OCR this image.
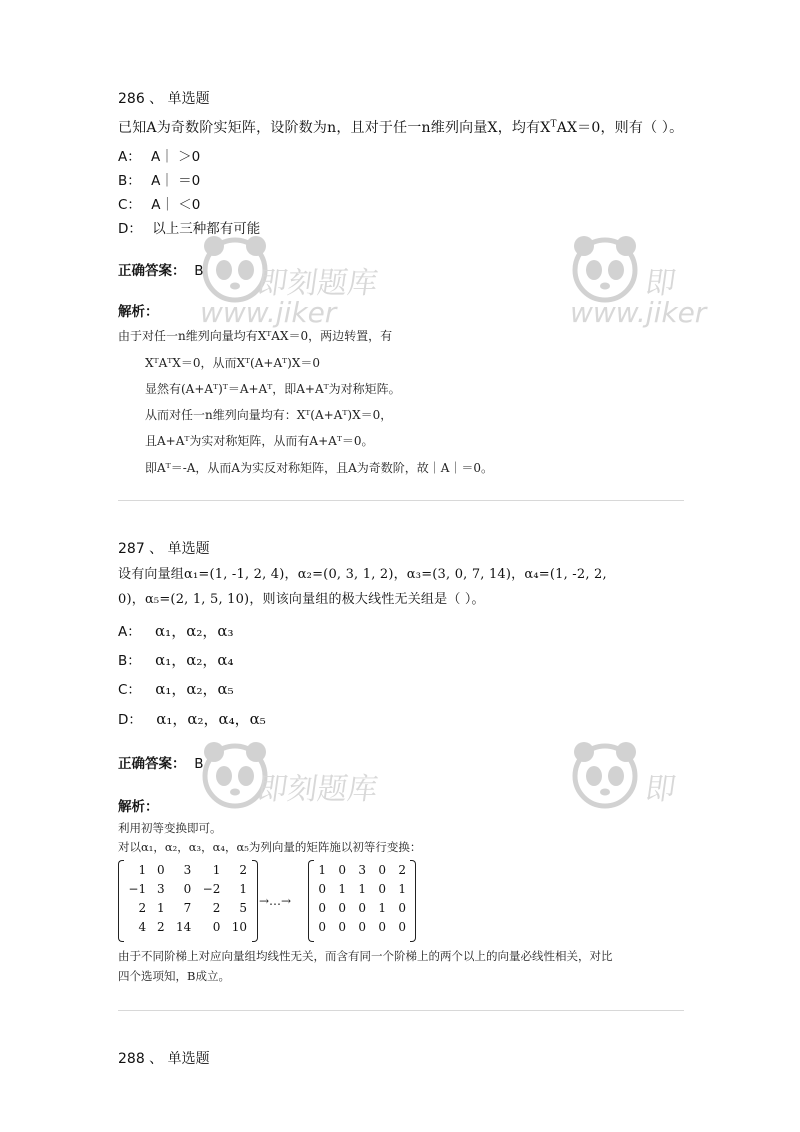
即刻题库
www.jiker
即
www.jiker
即刻题库	即
286 、 单选题
已知A为奇数阶实矩阵，设阶数为n，且对于任一n维列向量X，均有$X^TAX=0$，则有（ ）。
A： A｜ ＞0
B： A｜ ＝0
C： A｜ ＜0
D： 以上三种都有可能
正确答案： B
解析：
由于对任一n维列向量均有XᵀAX＝0，两边转置，有
XᵀAᵀX＝0，从而Xᵀ(A+Aᵀ)X＝0
显然有(A+Aᵀ)ᵀ＝A+Aᵀ，即A+Aᵀ为对称矩阵。
从而对任一n维列向量均有：Xᵀ(A+Aᵀ)X＝0，
且A+Aᵀ为实对称矩阵，从而有A+Aᵀ＝0。
即Aᵀ＝-A，从而A为实反对称矩阵，且A为奇数阶，故｜A｜＝0。
287 、 单选题
设有向量组α₁=(1, -1, 2, 4)，α₂=(0, 3, 1, 2)，α₃=(3, 0, 7, 14)，α₄=(1, -2, 2,
0)，α₅=(2, 1, 5, 10)，则该向量组的极大线性无关组是（ ）。
A： α₁，α₂，α₃
B： α₁，α₂，α₄
C： α₁，α₂，α₅
D： α₁，α₂，α₄，α₅
正确答案： B
解析：
利用初等变换即可。
对以α₁，α₂，α₃，α₄，α₅为列向量的矩阵施以初等行变换：
1	0	3	1	2
−1	3	0	−2	1
2	1	7	2	5
4	2	14	0	10
→…→
1	0	3	0	2
0	1	1	0	1
0	0	0	1	0
0	0	0	0	0
由于不同阶梯上对应向量组均线性无关，而含有同一个阶梯上的两个以上的向量必线性相关，对比
四个选项知，B成立。
288 、 单选题
